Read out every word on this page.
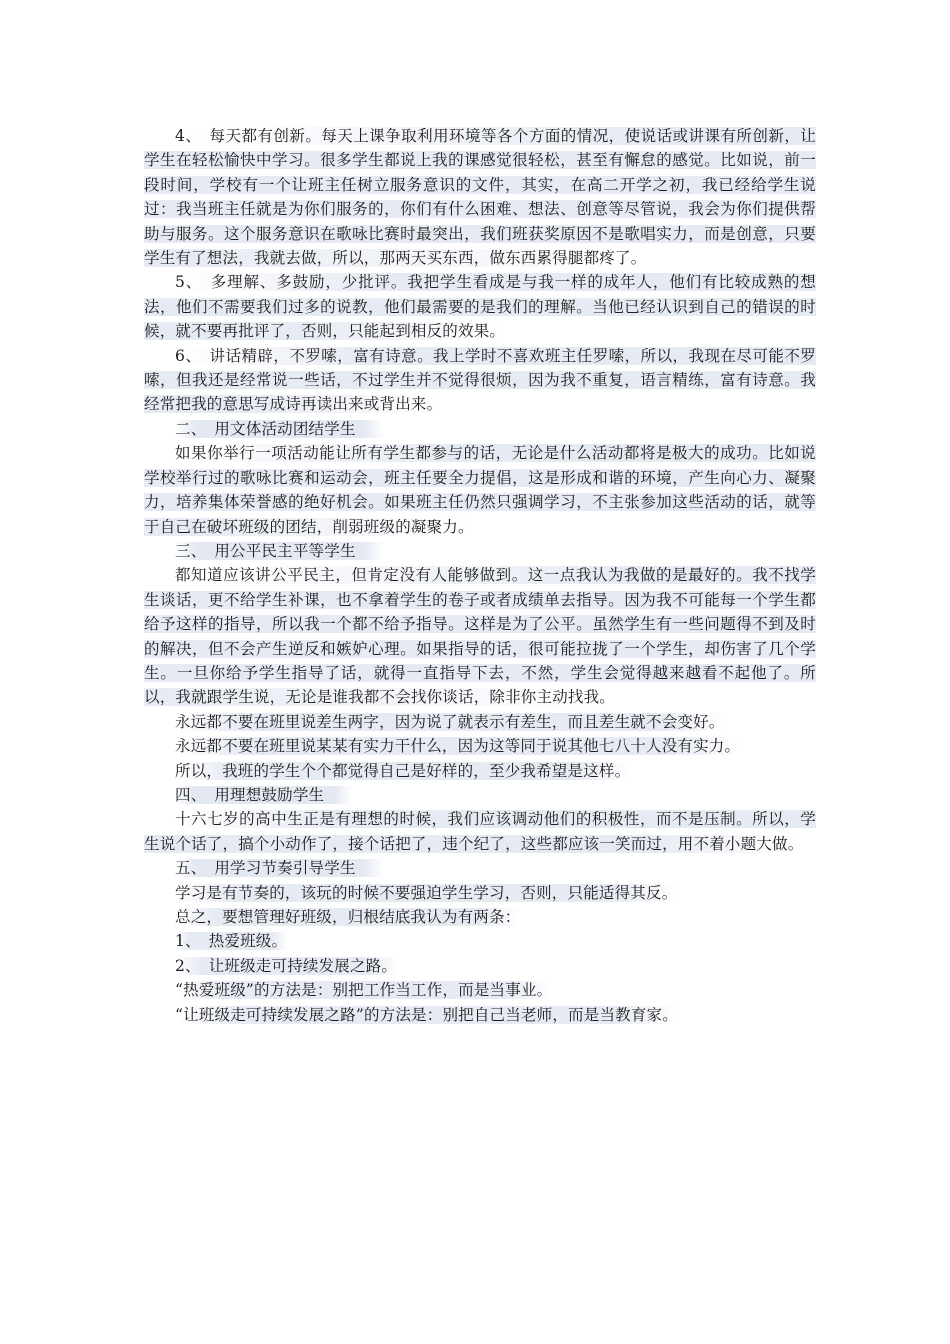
4、　每天都有创新。每天上课争取利用环境等各个方面的情况，使说话或讲课有所创新，让学生在轻松愉快中学习。很多学生都说上我的课感觉很轻松，甚至有懈怠的感觉。比如说，前一段时间，学校有一个让班主任树立服务意识的文件，其实，在高二开学之初，我已经给学生说过：我当班主任就是为你们服务的，你们有什么困难、想法、创意等尽管说，我会为你们提供帮助与服务。这个服务意识在歌咏比赛时最突出，我们班获奖原因不是歌唱实力，而是创意，只要学生有了想法，我就去做，所以，那两天买东西，做东西累得腿都疼了。

5、　多理解、多鼓励，少批评。我把学生看成是与我一样的成年人，他们有比较成熟的想法，他们不需要我们过多的说教，他们最需要的是我们的理解。当他已经认识到自己的错误的时候，就不要再批评了，否则，只能起到相反的效果。

6、　讲话精辟，不罗嗦，富有诗意。我上学时不喜欢班主任罗嗦，所以，我现在尽可能不罗嗦，但我还是经常说一些话，不过学生并不觉得很烦，因为我不重复，语言精练，富有诗意。我经常把我的意思写成诗再读出来或背出来。

二、　用文体活动团结学生

如果你举行一项活动能让所有学生都参与的话，无论是什么活动都将是极大的成功。比如说学校举行过的歌咏比赛和运动会，班主任要全力提倡，这是形成和谐的环境，产生向心力、凝聚力，培养集体荣誉感的绝好机会。如果班主任仍然只强调学习，不主张参加这些活动的话，就等于自己在破坏班级的团结，削弱班级的凝聚力。

三、　用公平民主平等学生

都知道应该讲公平民主，但肯定没有人能够做到。这一点我认为我做的是最好的。我不找学生谈话，更不给学生补课，也不拿着学生的卷子或者成绩单去指导。因为我不可能每一个学生都给予这样的指导，所以我一个都不给予指导。这样是为了公平。虽然学生有一些问题得不到及时的解决，但不会产生逆反和嫉妒心理。如果指导的话，很可能拉拢了一个学生，却伤害了几个学生。一旦你给予学生指导了话，就得一直指导下去，不然，学生会觉得越来越看不起他了。所以，我就跟学生说，无论是谁我都不会找你谈话，除非你主动找我。

永远都不要在班里说差生两字，因为说了就表示有差生，而且差生就不会变好。

永远都不要在班里说某某有实力干什么，因为这等同于说其他七八十人没有实力。

所以，我班的学生个个都觉得自己是好样的，至少我希望是这样。

四、　用理想鼓励学生

十六七岁的高中生正是有理想的时候，我们应该调动他们的积极性，而不是压制。所以，学生说个话了，搞个小动作了，接个话把了，违个纪了，这些都应该一笑而过，用不着小题大做。

五、　用学习节奏引导学生

学习是有节奏的，该玩的时候不要强迫学生学习，否则，只能适得其反。

总之，要想管理好班级，归根结底我认为有两条：

1、　热爱班级。

2、　让班级走可持续发展之路。

“热爱班级”的方法是：别把工作当工作，而是当事业。

“让班级走可持续发展之路”的方法是：别把自己当老师，而是当教育家。
